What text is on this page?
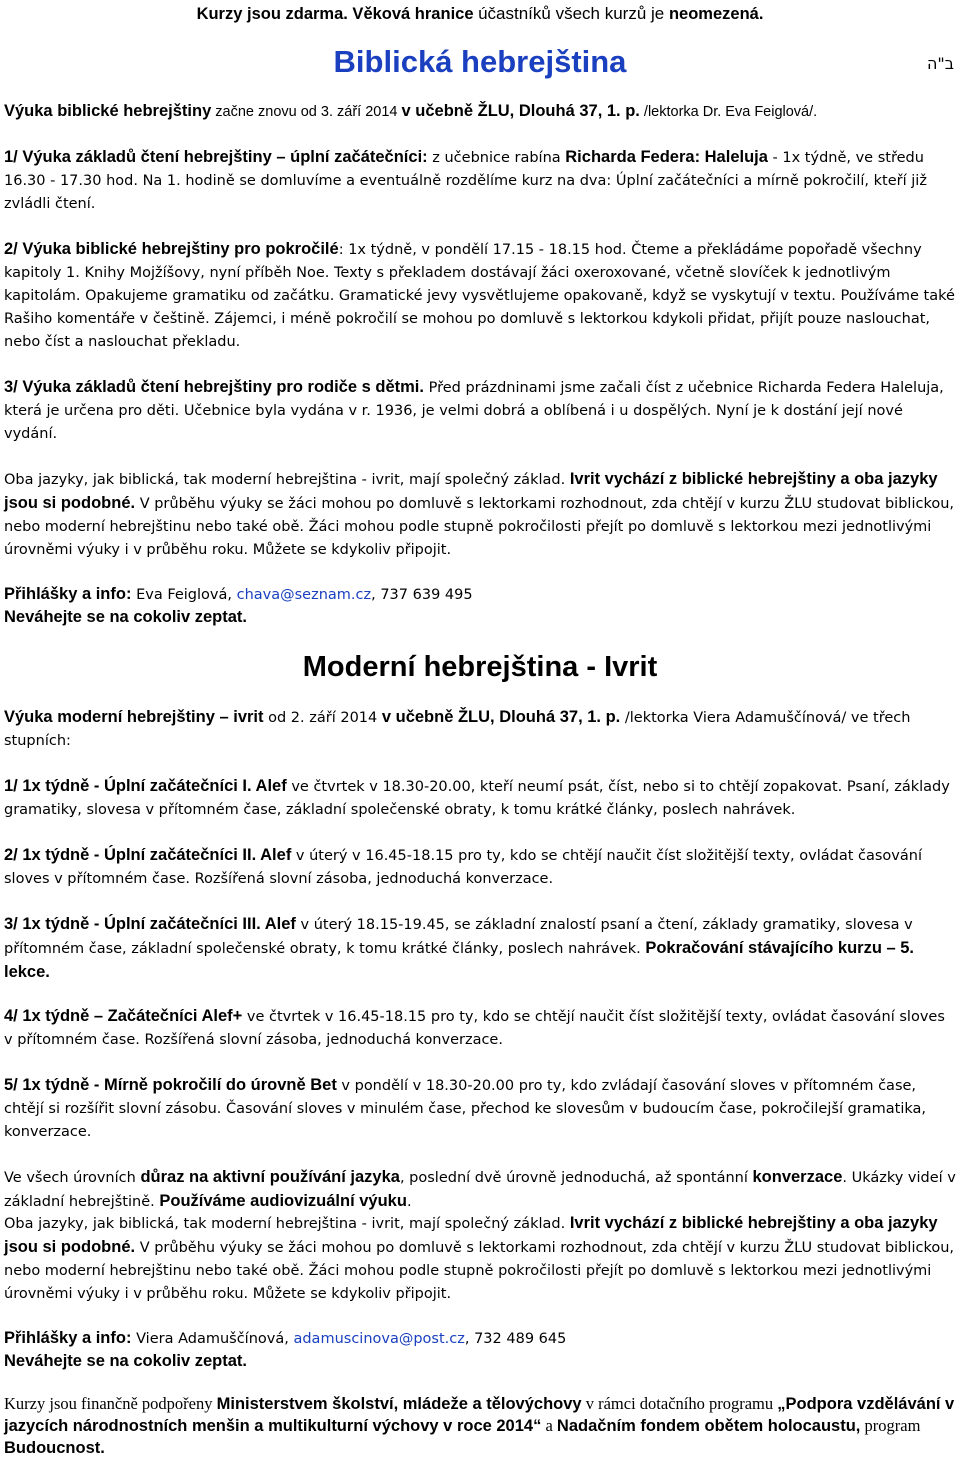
Kurzy jsou zdarma. Věková hranice účastníků všech kurzů je neomezená.

Biblická hebrejština	ב"ה

Výuka biblické hebrejštiny začne znovu od 3. září 2014 v učebně ŽLU, Dlouhá 37, 1. p. /lektorka Dr. Eva Feiglová/.

1/ Výuka základů čtení hebrejštiny – úplní začátečníci: z učebnice rabína Richarda Federa: Haleluja - 1x týdně, ve středu 16.30 - 17.30 hod. Na 1. hodině se domluvíme a eventuálně rozdělíme kurz na dva: Úplní začátečníci a mírně pokročilí, kteří již zvládli čtení.

2/ Výuka biblické hebrejštiny pro pokročilé: 1x týdně, v pondělí 17.15 - 18.15 hod. Čteme a překládáme popořadě všechny kapitoly 1. Knihy Mojžíšovy, nyní příběh Noe. Texty s překladem dostávají žáci oxeroxované, včetně slovíček k jednotlivým kapitolám. Opakujeme gramatiku od začátku. Gramatické jevy vysvětlujeme opakovaně, když se vyskytují v textu. Používáme také Rašiho komentáře v češtině. Zájemci, i méně pokročilí se mohou po domluvě s lektorkou kdykoli přidat, přijít pouze naslouchat, nebo číst a naslouchat překladu.

3/ Výuka základů čtení hebrejštiny pro rodiče s dětmi. Před prázdninami jsme začali číst z učebnice Richarda Federa Haleluja, která je určena pro děti. Učebnice byla vydána v r. 1936, je velmi dobrá a oblíbená i u dospělých. Nyní je k dostání její nové vydání.

Oba jazyky, jak biblická, tak moderní hebrejština - ivrit, mají společný základ. Ivrit vychází z biblické hebrejštiny a oba jazyky jsou si podobné. V průběhu výuky se žáci mohou po domluvě s lektorkami rozhodnout, zda chtějí v kurzu ŽLU studovat biblickou, nebo moderní hebrejštinu nebo také obě. Žáci mohou podle stupně pokročilosti přejít po domluvě s lektorkou mezi jednotlivými úrovněmi výuky i v průběhu roku. Můžete se kdykoliv připojit.

Přihlášky a info: Eva Feiglová, chava@seznam.cz, 737 639 495

Neváhejte se na cokoliv zeptat.

Moderní hebrejština - Ivrit

Výuka moderní hebrejštiny – ivrit od 2. září 2014 v učebně ŽLU, Dlouhá 37, 1. p. /lektorka Viera Adamuščínová/ ve třech stupních:

1/ 1x týdně - Úplní začátečníci I. Alef ve čtvrtek v 18.30-20.00, kteří neumí psát, číst, nebo si to chtějí zopakovat. Psaní, základy gramatiky, slovesa v přítomném čase, základní společenské obraty, k tomu krátké články, poslech nahrávek.

2/ 1x týdně - Úplní začátečníci II. Alef v úterý v 16.45-18.15 pro ty, kdo se chtějí naučit číst složitější texty, ovládat časování sloves v přítomném čase. Rozšířená slovní zásoba, jednoduchá konverzace.

3/ 1x týdně - Úplní začátečníci III. Alef v úterý 18.15-19.45, se základní znalostí psaní a čtení, základy gramatiky, slovesa v přítomném čase, základní společenské obraty, k tomu krátké články, poslech nahrávek. Pokračování stávajícího kurzu – 5. lekce.

4/ 1x týdně – Začátečníci Alef+ ve čtvrtek v 16.45-18.15 pro ty, kdo se chtějí naučit číst složitější texty, ovládat časování sloves v přítomném čase. Rozšířená slovní zásoba, jednoduchá konverzace.

5/ 1x týdně - Mírně pokročilí do úrovně Bet v pondělí v 18.30-20.00 pro ty, kdo zvládají časování sloves v přítomném čase, chtějí si rozšířit slovní zásobu. Časování sloves v minulém čase, přechod ke slovesům v budoucím čase, pokročilejší gramatika, konverzace.

Ve všech úrovních důraz na aktivní používání jazyka, poslední dvě úrovně jednoduchá, až spontánní konverzace. Ukázky videí v základní hebrejštině. Používáme audiovizuální výuku.

Oba jazyky, jak biblická, tak moderní hebrejština - ivrit, mají společný základ. Ivrit vychází z biblické hebrejštiny a oba jazyky jsou si podobné. V průběhu výuky se žáci mohou po domluvě s lektorkami rozhodnout, zda chtějí v kurzu ŽLU studovat biblickou, nebo moderní hebrejštinu nebo také obě. Žáci mohou podle stupně pokročilosti přejít po domluvě s lektorkou mezi jednotlivými úrovněmi výuky i v průběhu roku. Můžete se kdykoliv připojit.

Přihlášky a info: Viera Adamuščínová, adamuscinova@post.cz, 732 489 645

Neváhejte se na cokoliv zeptat.

Kurzy jsou finančně podpořeny Ministerstvem školství, mládeže a tělovýchovy v rámci dotačního programu „Podpora vzdělávání v jazycích národnostních menšin a multikulturní výchovy v roce 2014“ a Nadačním fondem obětem holocaustu, program Budoucnost.
